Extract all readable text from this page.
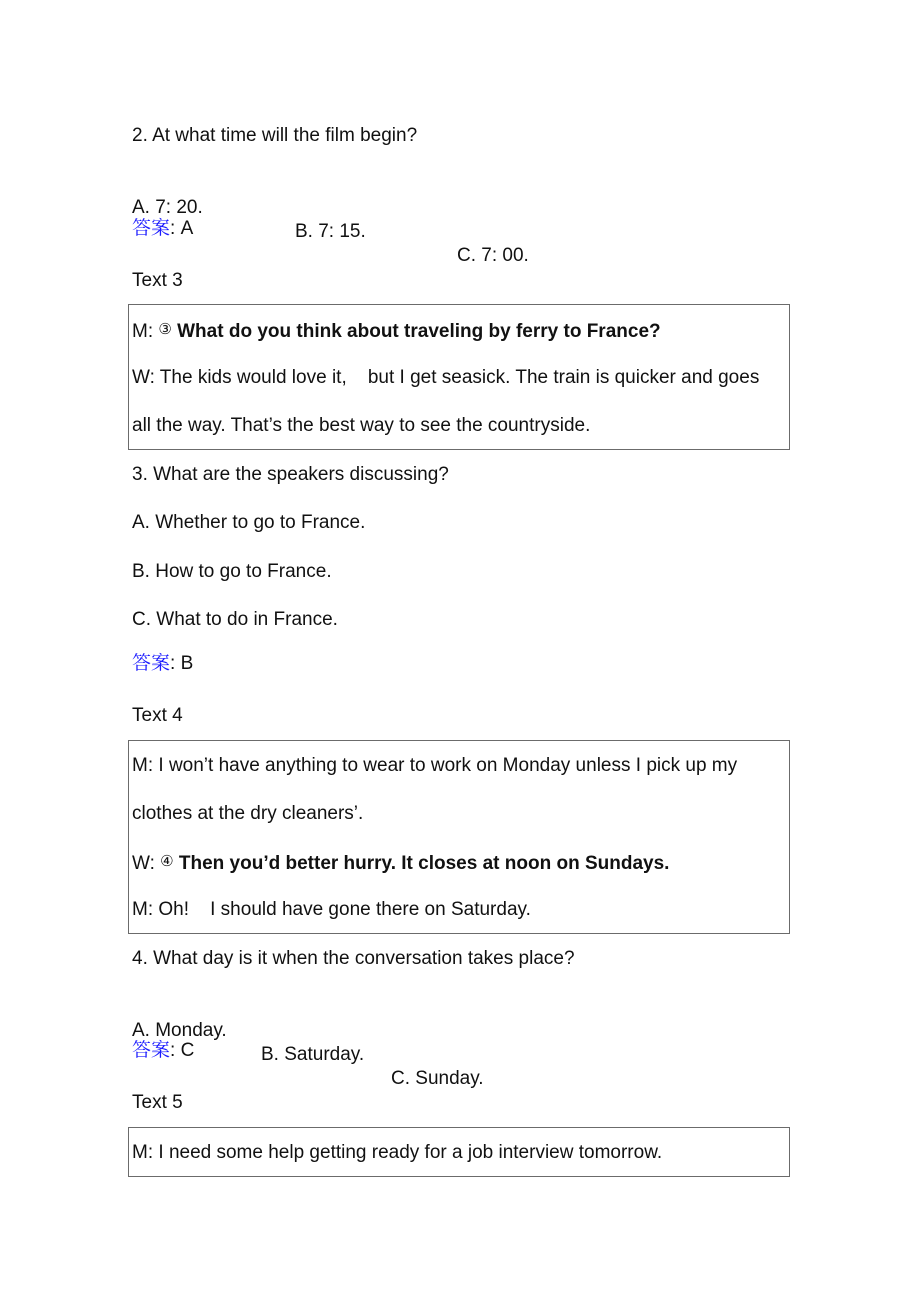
2. At what time will the film begin?

A. 7: 20.

B. 7: 15.

C. 7: 00.

答案: A
Text 3
M: ③ What do you think about traveling by ferry to France?
W: The kids would love it,    but I get seasick. The train is quicker and goes
all the way. That’s the best way to see the countryside.
3. What are the speakers discussing?
A. Whether to go to France.
B. How to go to France.
C. What to do in France.
答案: B
Text 4
M: I won’t have anything to wear to work on Monday unless I pick up my
clothes at the dry cleaners’.
W: ④ Then you’d better hurry. It closes at noon on Sundays.
M: Oh!    I should have gone there on Saturday.
4. What day is it when the conversation takes place?

A. Monday.

B. Saturday.

C. Sunday.

答案: C
Text 5
M: I need some help getting ready for a job interview tomorrow.
